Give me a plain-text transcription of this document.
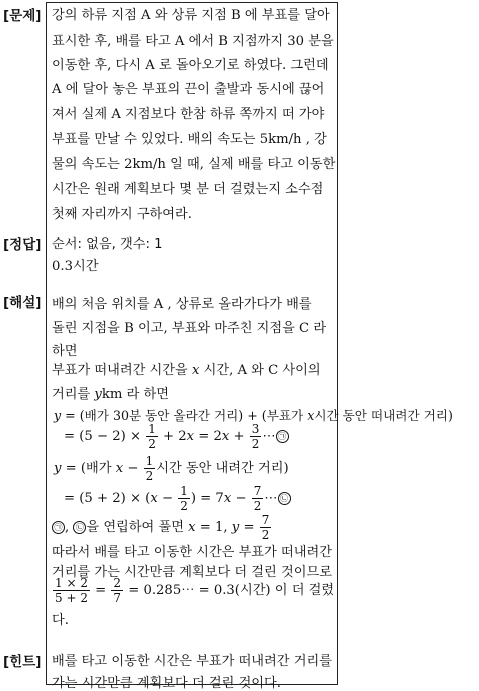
[문제] 강의 하류 지점 A 와 상류 지점 B 에 부표를 달아
표시한 후, 배를 타고 A 에서 B 지점까지 30 분을
이동한 후, 다시 A 로 돌아오기로 하였다. 그런데
A 에 달아 놓은 부표의 끈이 출발과 동시에 끊어
져서 실제 A 지점보다 한참 하류 쪽까지 떠 가야
부표를 만날 수 있었다. 배의 속도는 5km/h , 강
물의 속도는 2km/h 일 때, 실제 배를 타고 이동한
시간은 원래 계획보다 몇 분 더 걸렸는지 소수점
첫째 자리까지 구하여라.
[정답] 순서: 없음, 갯수: 1
0.3시간
[해설] 배의 처음 위치를 A , 상류로 올라가다가 배를
돌린 지점을 B 이고, 부표와 마주친 지점을 C 라
하면
부표가 떠내려간 시간을 x 시간, A 와 C 사이의
거리를 ykm 라 하면
y = (배가 30분 동안 올라간 거리) + (부표가 x시간 동안 떠내려간 거리)
= $(5 - 2) \times \frac{1}{2} + 2x = 2x + \frac{3}{2}$ ⋯ ㉠
y = (배가 $x - \frac{1}{2}$ 시간 동안 내려간 거리)
= $(5 + 2) \times (x - \frac{1}{2}$ ) = $7x - \frac{7}{2}$ ⋯ ㉡
㉠ , ㉡ 을 연립하여 풀면 x = 1, $y = \frac{7}{2}$
따라서 배를 타고 이동한 시간은 부표가 떠내려간
거리를 가는 시간만큼 계획보다 더 걸린 것이므로
$\frac{1 \times 2}{5 + 2} = \frac{2}{7}$ = 0.285⋯ = 0.3(시간) 이 더 걸렸
다.
[힌트] 배를 타고 이동한 시간은 부표가 떠내려간 거리를
가는 시간만큼 계획보다 더 걸린 것이다.
